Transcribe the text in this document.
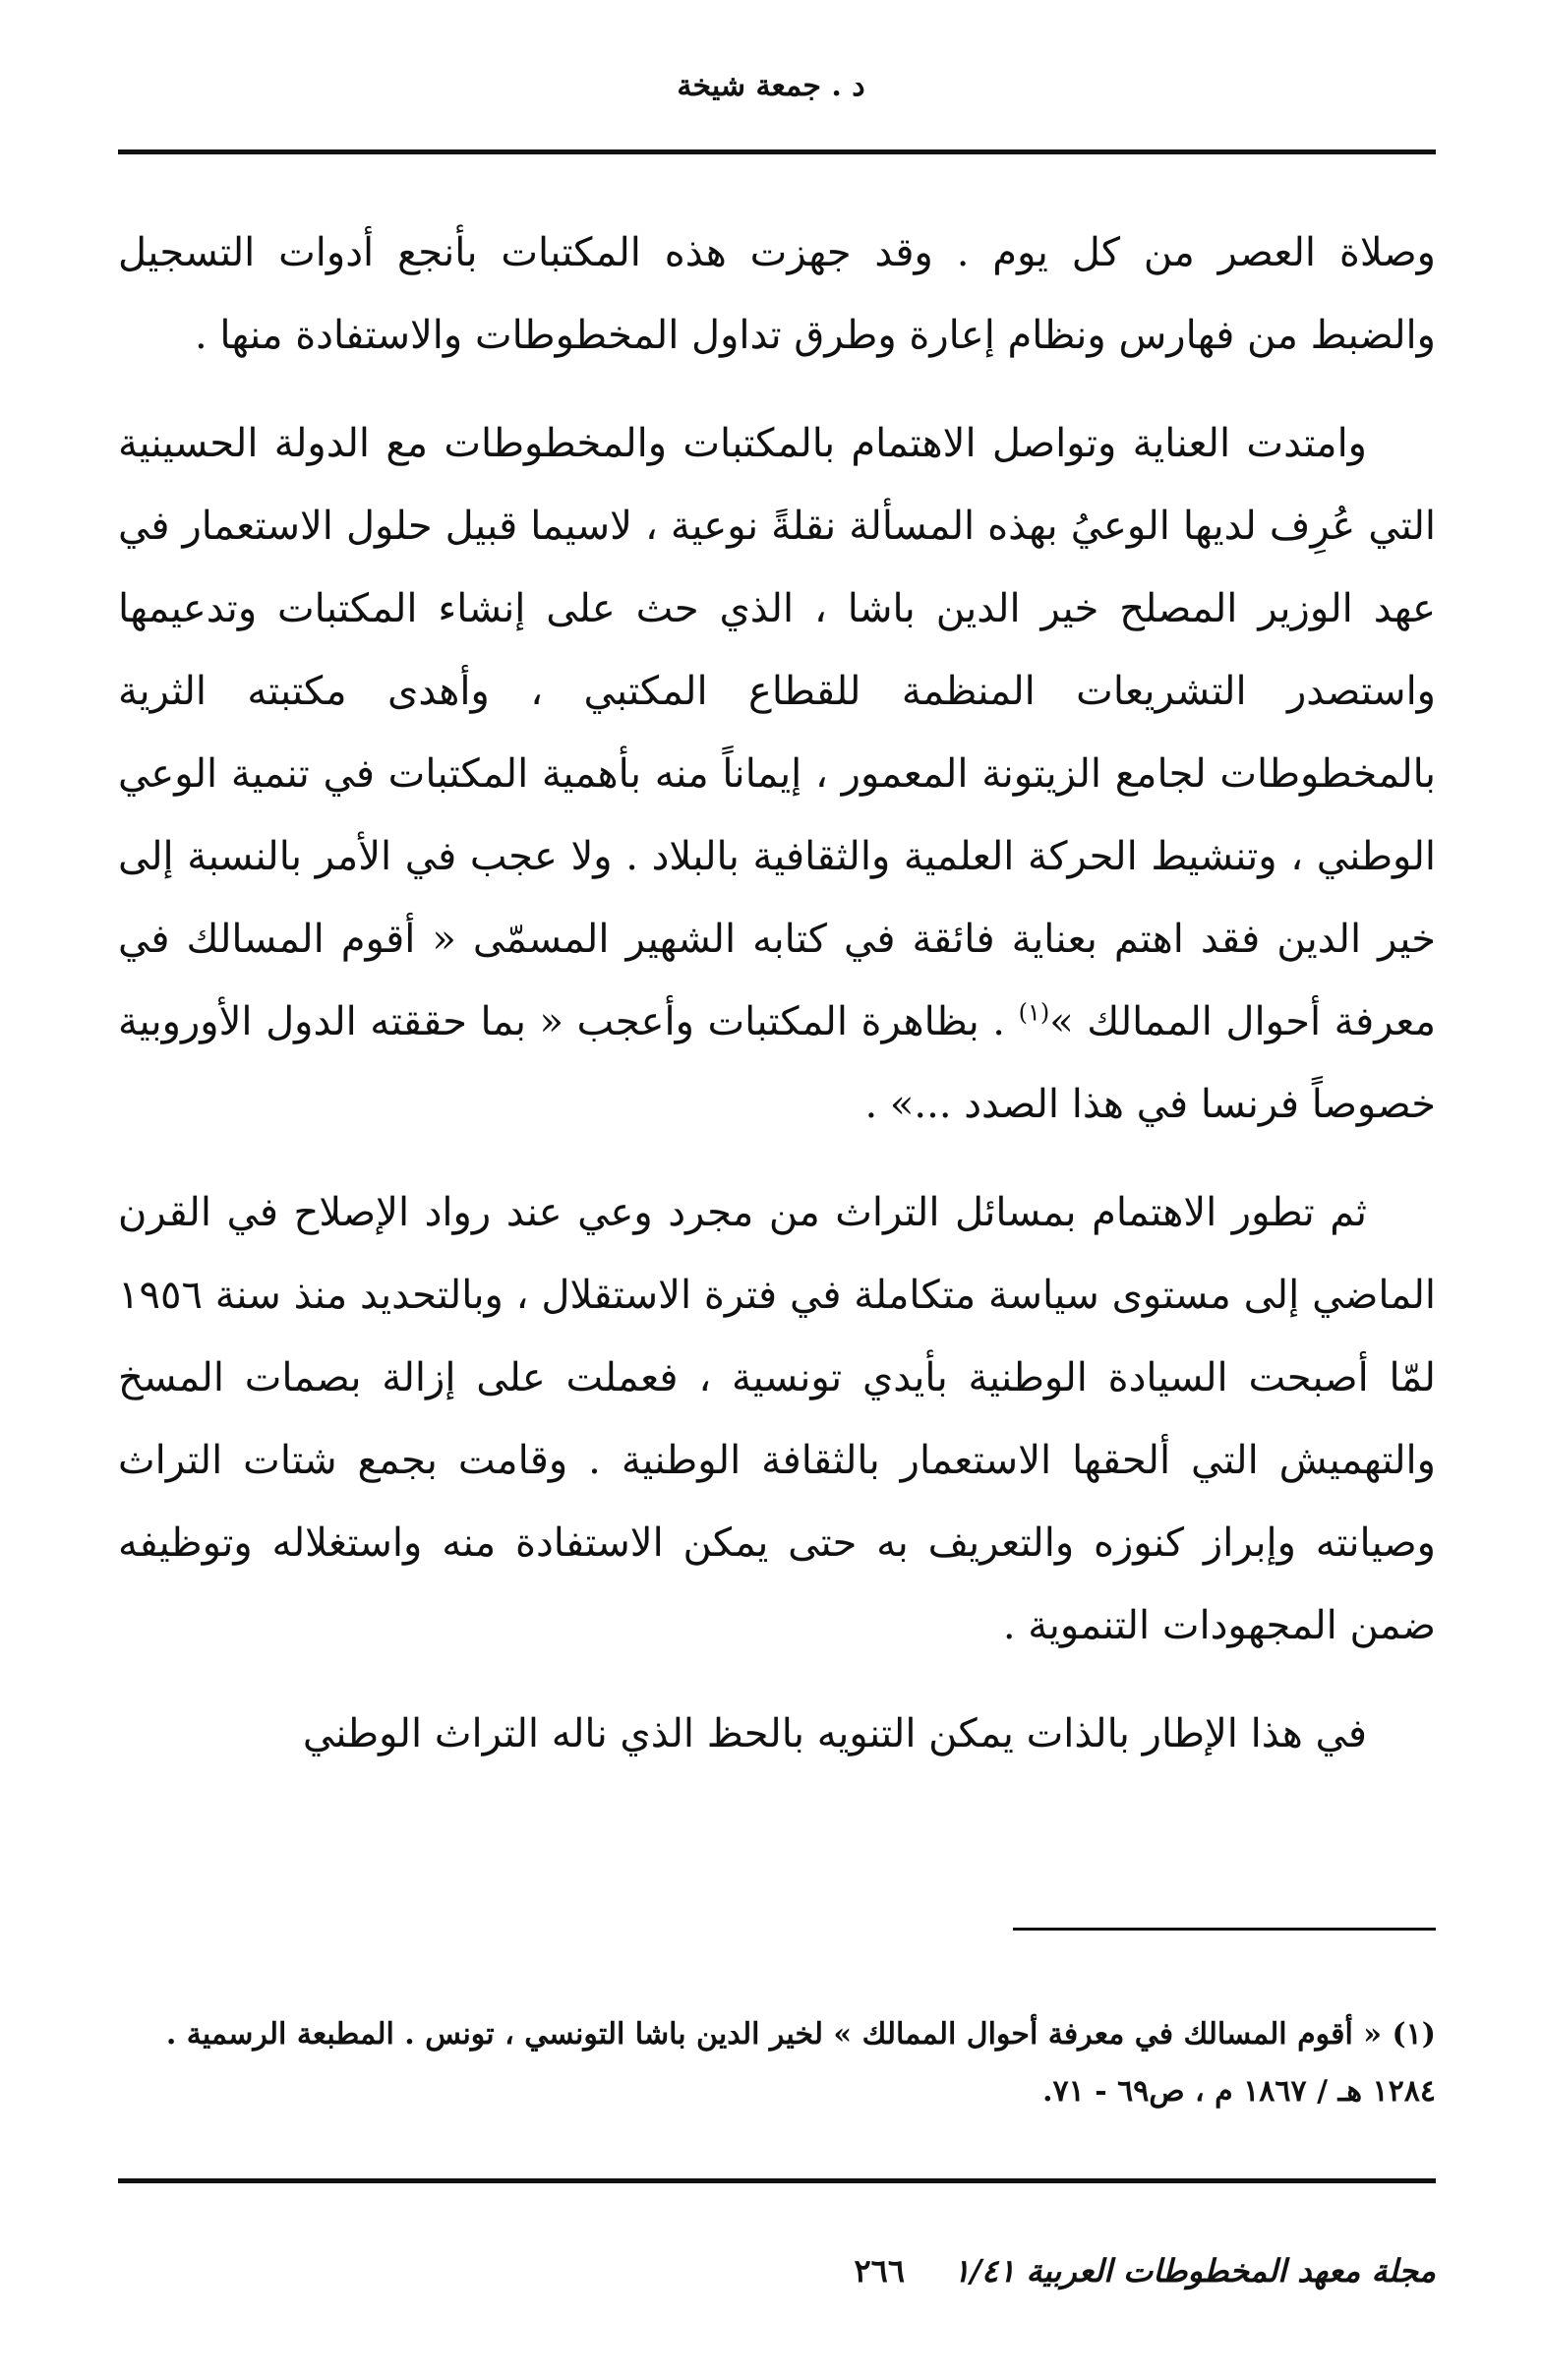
د . جمعة شيخة

وصلاة العصر من كل يوم . وقد جهزت هذه المكتبات بأنجع أدوات التسجيل والضبط من فهارس ونظام إعارة وطرق تداول المخطوطات والاستفادة منها .

وامتدت العناية وتواصل الاهتمام بالمكتبات والمخطوطات مع الدولة الحسينية التي عُرِف لديها الوعيُ بهذه المسألة نقلةً نوعية ، لاسيما قبيل حلول الاستعمار في عهد الوزير المصلح خير الدين باشا ، الذي حث على إنشاء المكتبات وتدعيمها واستصدر التشريعات المنظمة للقطاع المكتبي ، وأهدى مكتبته الثرية بالمخطوطات لجامع الزيتونة المعمور ، إيماناً منه بأهمية المكتبات في تنمية الوعي الوطني ، وتنشيط الحركة العلمية والثقافية بالبلاد . ولا عجب في الأمر بالنسبة إلى خير الدين فقد اهتم بعناية فائقة في كتابه الشهير المسمّى « أقوم المسالك في معرفة أحوال الممالك »$^{(١)}$ . بظاهرة المكتبات وأعجب « بما حققته الدول الأوروبية خصوصاً فرنسا في هذا الصدد ...» .

ثم تطور الاهتمام بمسائل التراث من مجرد وعي عند رواد الإصلاح في القرن الماضي إلى مستوى سياسة متكاملة في فترة الاستقلال ، وبالتحديد منذ سنة ١٩٥٦ لمّا أصبحت السيادة الوطنية بأيدي تونسية ، فعملت على إزالة بصمات المسخ والتهميش التي ألحقها الاستعمار بالثقافة الوطنية . وقامت بجمع شتات التراث وصيانته وإبراز كنوزه والتعريف به حتى يمكن الاستفادة منه واستغلاله وتوظيفه ضمن المجهودات التنموية .

في هذا الإطار بالذات يمكن التنويه بالحظ الذي ناله التراث الوطني

(١) « أقوم المسالك في معرفة أحوال الممالك » لخير الدين باشا التونسي ، تونس . المطبعة الرسمية .

١٢٨٤ هـ / ١٨٦٧ م ، ص٦٩ - ٧١.

مجلة معهد المخطوطات العربية ١/٤١
٢٦٦
